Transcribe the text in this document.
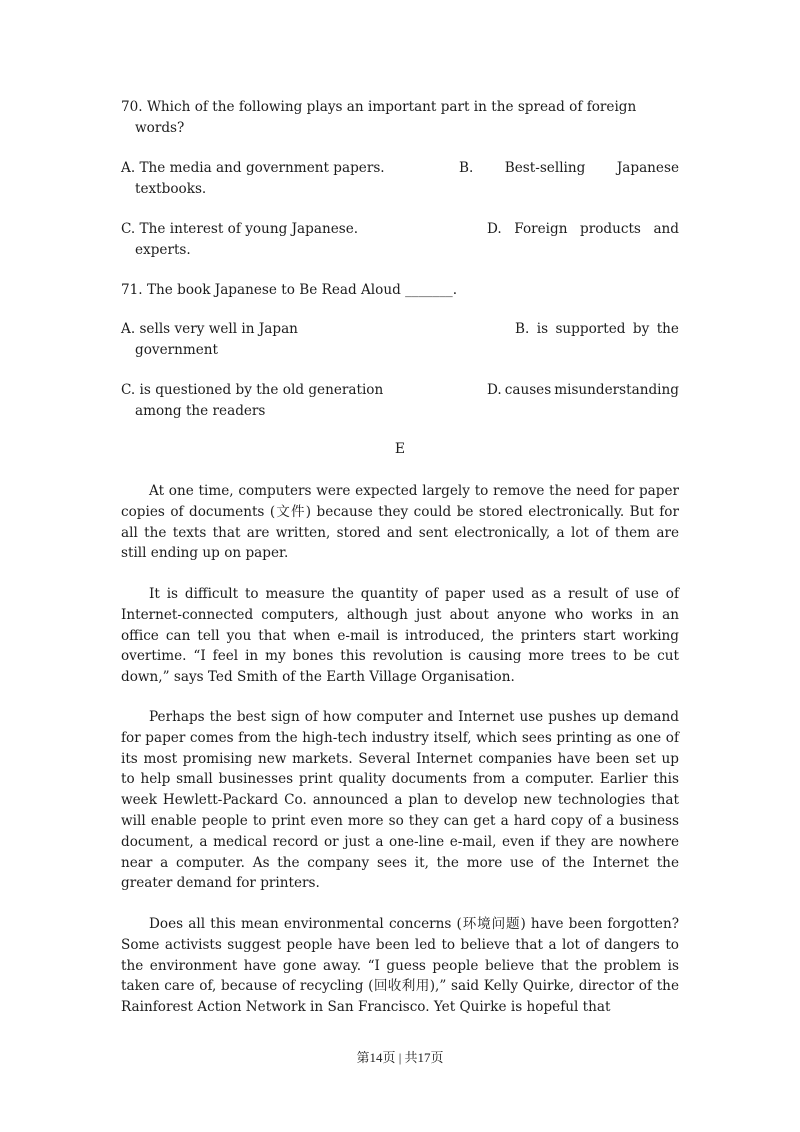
70. Which of the following plays an important part in the spread of foreign words?
A. The media and government papers.	B. Best-selling Japanese
textbooks.
C. The interest of young Japanese.	D. Foreign products and
experts.
71. The book Japanese to Be Read Aloud _______.
A. sells very well in Japan	B. is supported by the
government
C. is questioned by the old generation	D. causes misunderstanding
among the readers
E

At one time, computers were expected largely to remove the need for paper copies of documents (文件) because they could be stored electronically. But for all the texts that are written, stored and sent electronically, a lot of them are still ending up on paper.

It is difficult to measure the quantity of paper used as a result of use of Internet-connected computers, although just about anyone who works in an office can tell you that when e-mail is introduced, the printers start working overtime. “I feel in my bones this revolution is causing more trees to be cut down,” says Ted Smith of the Earth Village Organisation.

Perhaps the best sign of how computer and Internet use pushes up demand for paper comes from the high-tech industry itself, which sees printing as one of its most promising new markets. Several Internet companies have been set up to help small businesses print quality documents from a computer. Earlier this week Hewlett-Packard Co. announced a plan to develop new technologies that will enable people to print even more so they can get a hard copy of a business document, a medical record or just a one-line e-mail, even if they are nowhere near a computer. As the company sees it, the more use of the Internet the greater demand for printers.

Does all this mean environmental concerns (环境问题) have been forgotten? Some activists suggest people have been led to believe that a lot of dangers to the environment have gone away. “I guess people believe that the problem is taken care of, because of recycling (回收利用),” said Kelly Quirke, director of the Rainforest Action Network in San Francisco. Yet Quirke is hopeful that

第14页 | 共17页
